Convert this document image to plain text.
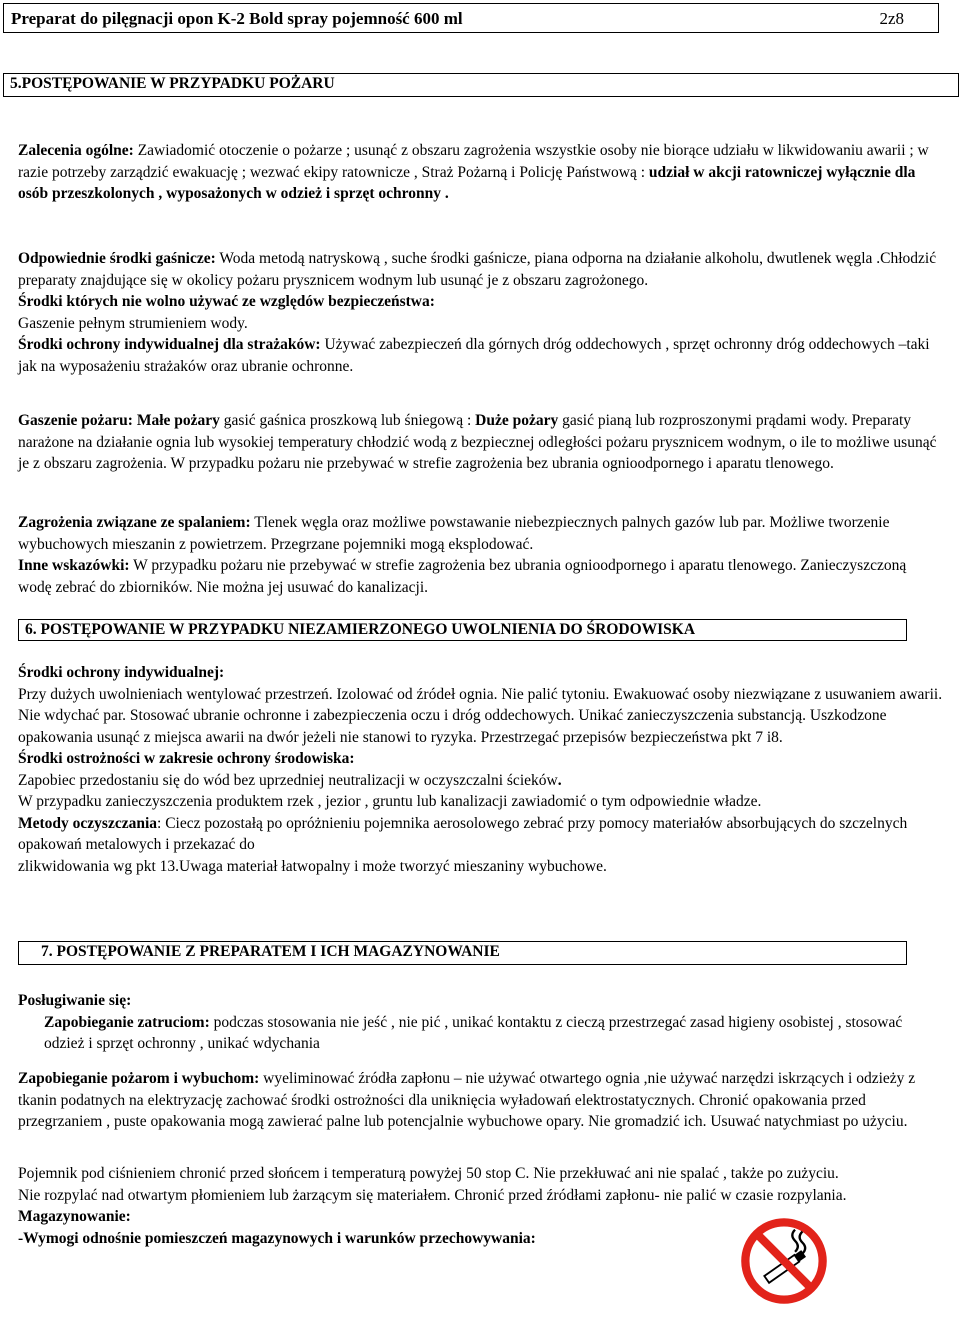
Preparat do pilęgnacji opon K-2 Bold spray pojemność 600 ml	2z8
5.POSTĘPOWANIE W PRZYPADKU POŻARU

Zalecenia ogólne: Zawiadomić otoczenie o pożarze ; usunąć z obszaru zagrożenia wszystkie osoby nie biorące udziału w likwidowaniu awarii ; w razie potrzeby zarządzić ewakuację ; wezwać ekipy ratownicze , Straż Pożarną i Policję Państwową : udział w akcji ratowniczej wyłącznie dla osób przeszkolonych , wyposażonych w odzież i sprzęt ochronny .

Odpowiednie środki gaśnicze: Woda metodą natryskową , suche środki gaśnicze, piana odporna na działanie alkoholu, dwutlenek węgla .Chłodzić preparaty znajdujące się w okolicy pożaru prysznicem wodnym lub usunąć je z obszaru zagrożonego.

Środki których nie wolno używać ze względów bezpieczeństwa:

Gaszenie pełnym strumieniem wody.

Środki ochrony indywidualnej dla strażaków: Używać zabezpieczeń dla górnych dróg oddechowych , sprzęt ochronny dróg oddechowych –taki jak na wyposażeniu strażaków oraz ubranie ochronne.

Gaszenie pożaru: Małe pożary gasić gaśnica proszkową lub śniegową : Duże pożary gasić pianą lub rozproszonymi prądami wody. Preparaty narażone na działanie ognia lub wysokiej temperatury chłodzić wodą z bezpiecznej odległości pożaru prysznicem wodnym, o ile to możliwe usunąć je z obszaru zagrożenia. W przypadku pożaru nie przebywać w strefie zagrożenia bez ubrania ognioodpornego i aparatu tlenowego.

Zagrożenia związane ze spalaniem: Tlenek węgla oraz możliwe powstawanie niebezpiecznych palnych gazów lub par. Możliwe tworzenie wybuchowych mieszanin z powietrzem. Przegrzane pojemniki mogą eksplodować.

Inne wskazówki: W przypadku pożaru nie przebywać w strefie zagrożenia bez ubrania ognioodpornego i aparatu tlenowego. Zanieczyszczoną wodę zebrać do zbiorników. Nie można jej usuwać do kanalizacji.

6. POSTĘPOWANIE W PRZYPADKU NIEZAMIERZONEGO UWOLNIENIA DO ŚRODOWISKA

Środki ochrony indywidualnej:

Przy dużych uwolnieniach wentylować przestrzeń. Izolować od źródeł ognia. Nie palić tytoniu. Ewakuować osoby niezwiązane z usuwaniem awarii. Nie wdychać par. Stosować ubranie ochronne i zabezpieczenia oczu i dróg oddechowych. Unikać zanieczyszczenia substancją. Uszkodzone opakowania usunąć z miejsca awarii na dwór jeżeli nie stanowi to ryzyka. Przestrzegać przepisów bezpieczeństwa pkt 7 i8.

Środki ostrożności w zakresie ochrony środowiska:

Zapobiec przedostaniu się do wód bez uprzedniej neutralizacji w oczyszczalni ścieków.

W przypadku zanieczyszczenia produktem rzek , jezior , gruntu lub kanalizacji zawiadomić o tym odpowiednie władze.

Metody oczyszczania: Ciecz pozostałą po opróżnieniu pojemnika aerosolowego zebrać przy pomocy materiałów absorbujących do szczelnych opakowań metalowych i przekazać do

zlikwidowania wg pkt 13.Uwaga materiał łatwopalny i może tworzyć mieszaniny wybuchowe.

7. POSTĘPOWANIE Z PREPARATEM I ICH MAGAZYNOWANIE

Posługiwanie się:

Zapobieganie zatruciom: podczas stosowania nie jeść , nie pić , unikać kontaktu z cieczą przestrzegać zasad higieny osobistej , stosować odzież i sprzęt ochronny , unikać wdychania

Zapobieganie pożarom i wybuchom: wyeliminować źródła zapłonu – nie używać otwartego ognia ,nie używać narzędzi iskrzących i odzieży z tkanin podatnych na elektryzację zachować środki ostrożności dla uniknięcia wyładowań elektrostatycznych. Chronić opakowania przed przegrzaniem , puste opakowania mogą zawierać palne lub potencjalnie wybuchowe opary. Nie gromadzić ich. Usuwać natychmiast po użyciu.

Pojemnik pod ciśnieniem chronić przed słońcem i temperaturą powyżej 50 stop C. Nie przekłuwać ani nie spalać , także po zużyciu. Nie rozpylać nad otwartym płomieniem lub żarzącym się materiałem. Chronić przed źródłami zapłonu- nie palić w czasie rozpylania.

Magazynowanie:

-Wymogi odnośnie pomieszczeń magazynowych i warunków przechowywania:
